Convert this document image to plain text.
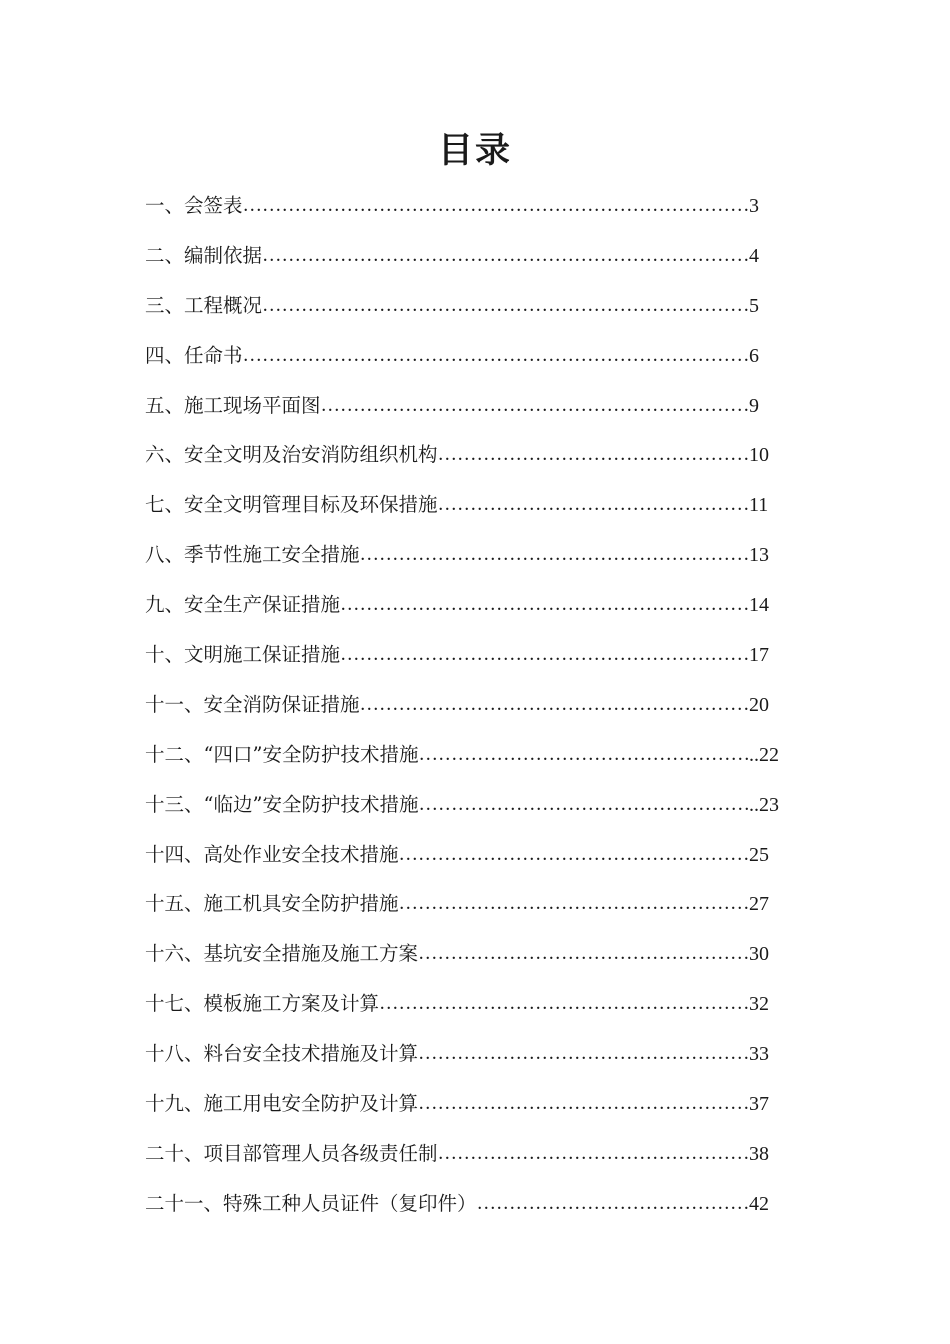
目录
一、会签表 …………………………………………………………………………………………………………………………………………………………………	3
二、编制依据 …………………………………………………………………………………………………………………………………………………………………	4
三、工程概况 …………………………………………………………………………………………………………………………………………………………………	5
四、任命书 …………………………………………………………………………………………………………………………………………………………………	6
五、施工现场平面图 …………………………………………………………………………………………………………………………………………………………………	9
六、安全文明及治安消防组织机构 …………………………………………………………………………………………………………………………………………………………………	10
七、安全文明管理目标及环保措施 …………………………………………………………………………………………………………………………………………………………………	11
八、季节性施工安全措施 …………………………………………………………………………………………………………………………………………………………………	13
九、安全生产保证措施 …………………………………………………………………………………………………………………………………………………………………	14
十、文明施工保证措施 …………………………………………………………………………………………………………………………………………………………………	17
十一、安全消防保证措施 …………………………………………………………………………………………………………………………………………………………………	20
十二、“四口”安全防护技术措施 …………………………………………………………………………………………………………………………………………………………………	..22
十三、“临边”安全防护技术措施 …………………………………………………………………………………………………………………………………………………………………	..23
十四、高处作业安全技术措施 …………………………………………………………………………………………………………………………………………………………………	25
十五、施工机具安全防护措施 …………………………………………………………………………………………………………………………………………………………………	27
十六、基坑安全措施及施工方案 …………………………………………………………………………………………………………………………………………………………………	30
十七、模板施工方案及计算 …………………………………………………………………………………………………………………………………………………………………	32
十八、料台安全技术措施及计算 …………………………………………………………………………………………………………………………………………………………………	33
十九、施工用电安全防护及计算 …………………………………………………………………………………………………………………………………………………………………	37
二十、项目部管理人员各级责任制 …………………………………………………………………………………………………………………………………………………………………	38
二十一、特殊工种人员证件（复印件） …………………………………………………………………………………………………………………………………………………………………	42
